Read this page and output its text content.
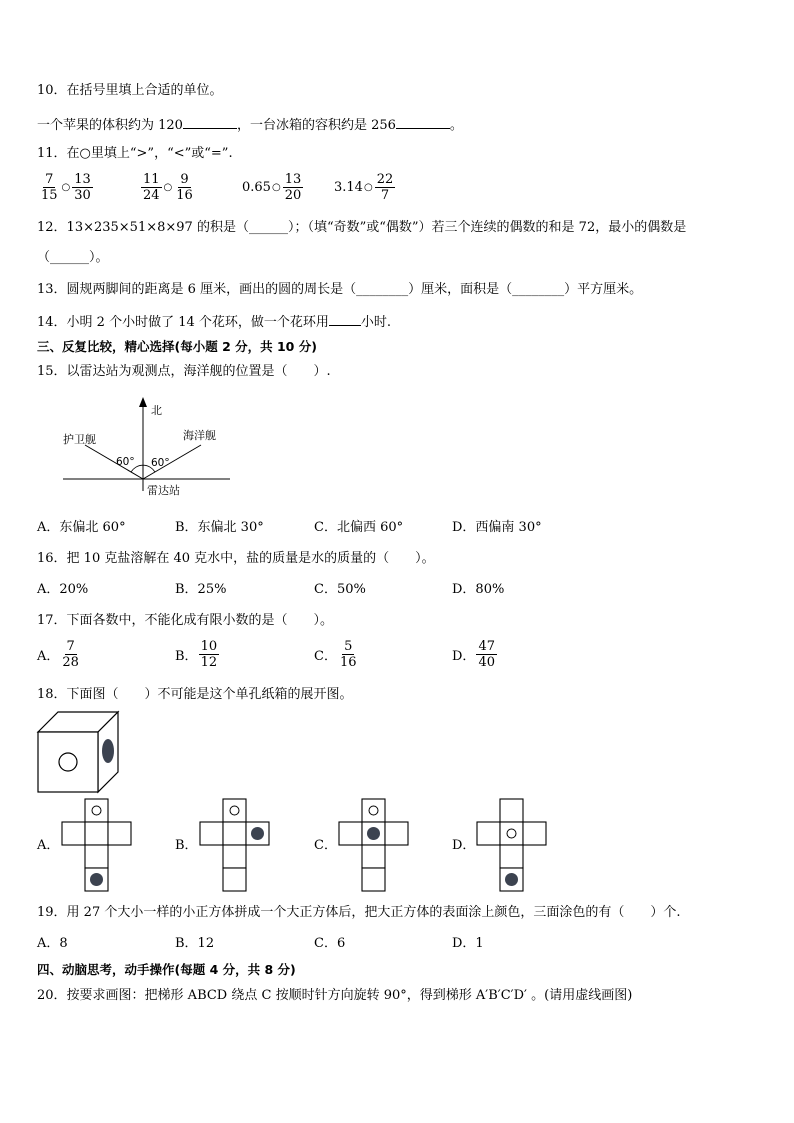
10．在括号里填上合适的单位。
一个苹果的体积约为 120	，一台冰箱的容积约是 256	。
11．在○里填上“>”，“<”或“=”.
$\frac{7}{15}$ ○ $\frac{13}{30}$	$\frac{11}{24}$ ○ $\frac{9}{16}$	0.65 ○ $\frac{13}{20} 3.14$ ○ $\frac{22}{7}$
12．13×235×51×8×97 的积是（______）；（填“奇数”或“偶数”）若三个连续的偶数的和是 72，最小的偶数是
（______）。
13．圆规两脚间的距离是 6 厘米，画出的圆的周长是（________）厘米，面积是（________）平方厘米。
14．小明 2 个小时做了 14 个花环，做一个花环用 小时.
三、反复比较，精心选择(每小题 2 分，共 10 分)
15．以雷达站为观测点，海洋舰的位置是（　　）.
北
护卫舰	海洋舰
60° 60°
雷达站
A．东偏北 60°	B．东偏北 30°	C．北偏西 60°	D．西偏南 30°
16．把 10 克盐溶解在 40 克水中，盐的质量是水的质量的（　　）。
A．20%	B．25%	C．50%	D．80%
17．下面各数中，不能化成有限小数的是（　　）。
A． $\frac{7}{28}$	B． $\frac{10}{12}$	C． $\frac{5}{16}$	D． $\frac{47}{40}$
18．下面图（　　）不可能是这个单孔纸箱的展开图。
A．	B．	C．	D．
19．用 27 个大小一样的小正方体拼成一个大正方体后，把大正方体的表面涂上颜色，三面涂色的有（　　）个.
A．8	B．12	C．6	D．1
四、动脑思考，动手操作(每题 4 分，共 8 分)
20．按要求画图：把梯形 ABCD 绕点 C 按顺时针方向旋转 90°，得到梯形 A′B′C′D′ 。(请用虚线画图)
